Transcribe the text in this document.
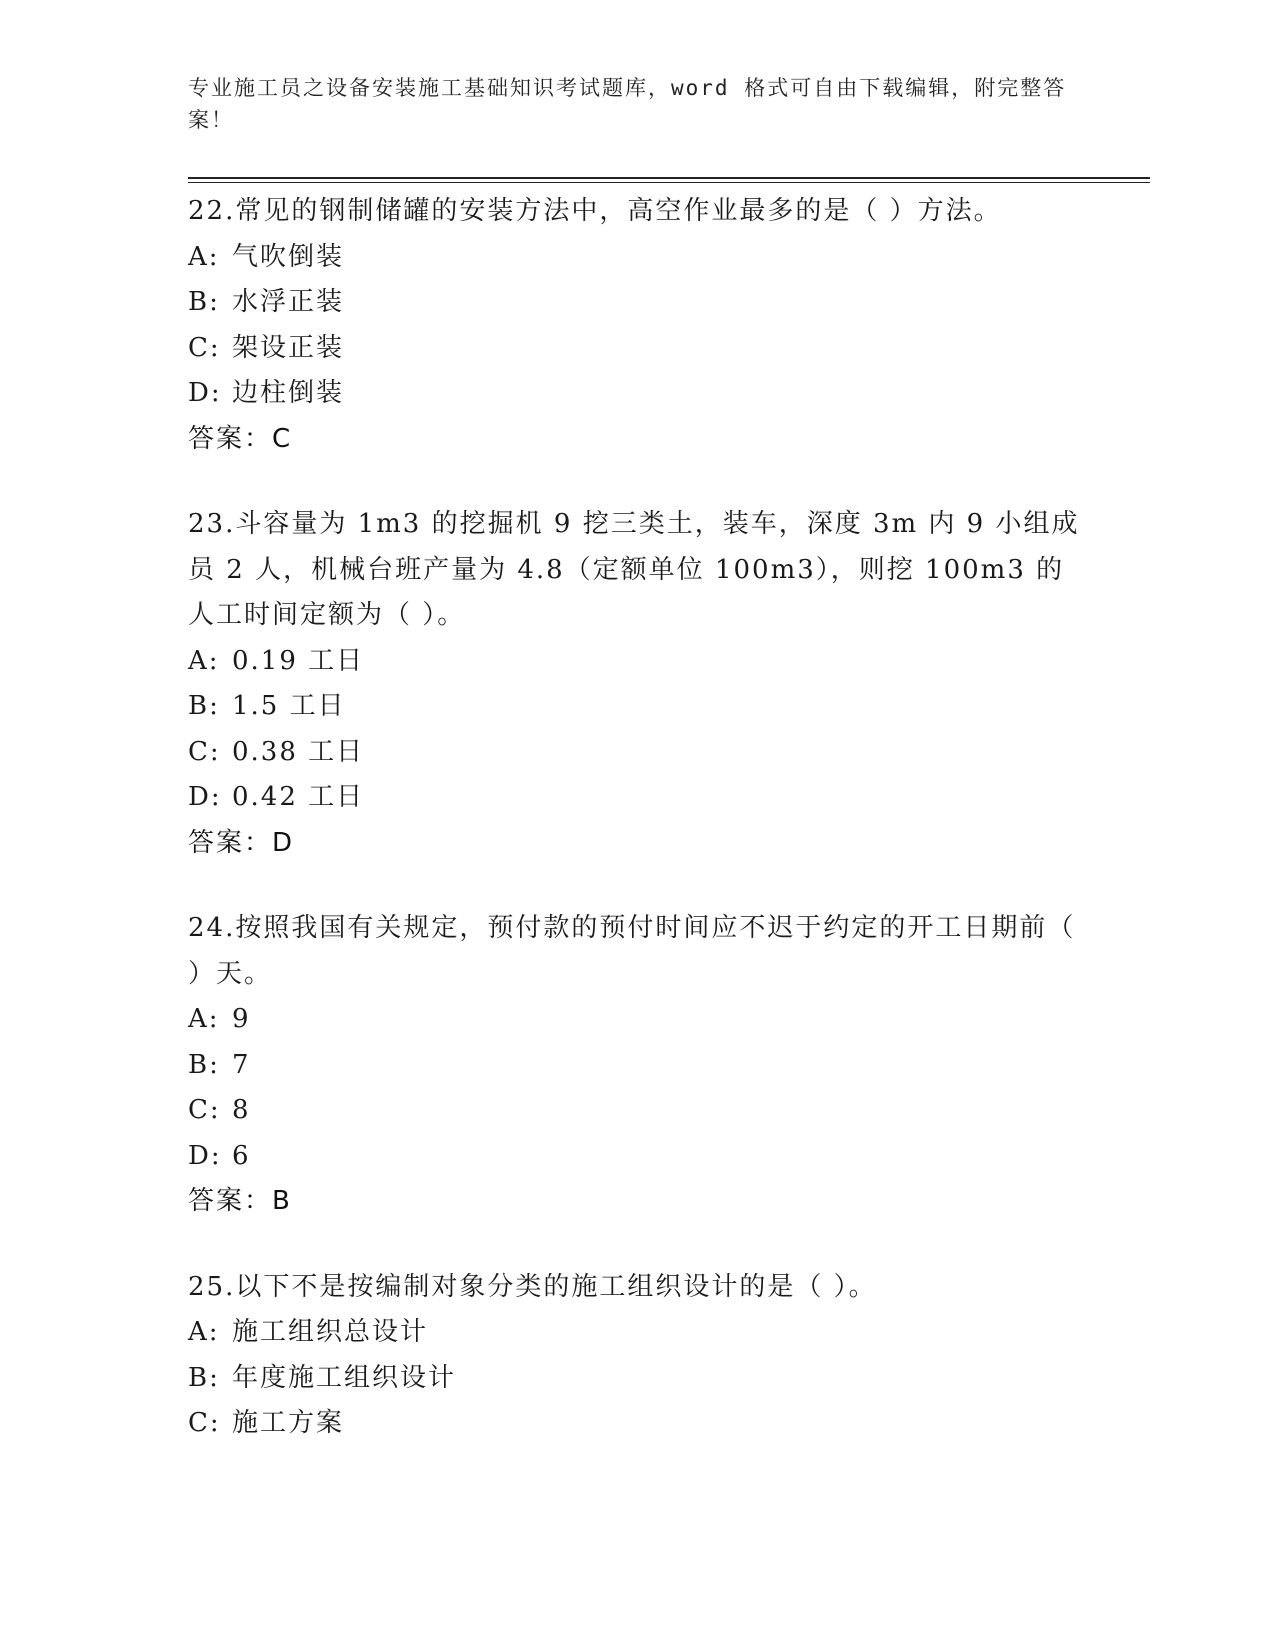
专业施工员之设备安装施工基础知识考试题库，word 格式可自由下载编辑，附完整答案！
22.常见的钢制储罐的安装方法中，高空作业最多的是（ ）方法。
A: 气吹倒装
B: 水浮正装
C: 架设正装
D: 边柱倒装
答案：C
23.斗容量为 1m3 的挖掘机 9 挖三类土，装车，深度 3m 内 9 小组成员 2 人，机械台班产量为 4.8（定额单位 100m3），则挖 100m3 的人工时间定额为（ ）。
A: 0.19 工日
B: 1.5 工日
C: 0.38 工日
D: 0.42 工日
答案：D
24.按照我国有关规定，预付款的预付时间应不迟于约定的开工日期前（ ）天。
A: 9
B: 7
C: 8
D: 6
答案：B
25.以下不是按编制对象分类的施工组织设计的是（ ）。
A: 施工组织总设计
B: 年度施工组织设计
C: 施工方案
